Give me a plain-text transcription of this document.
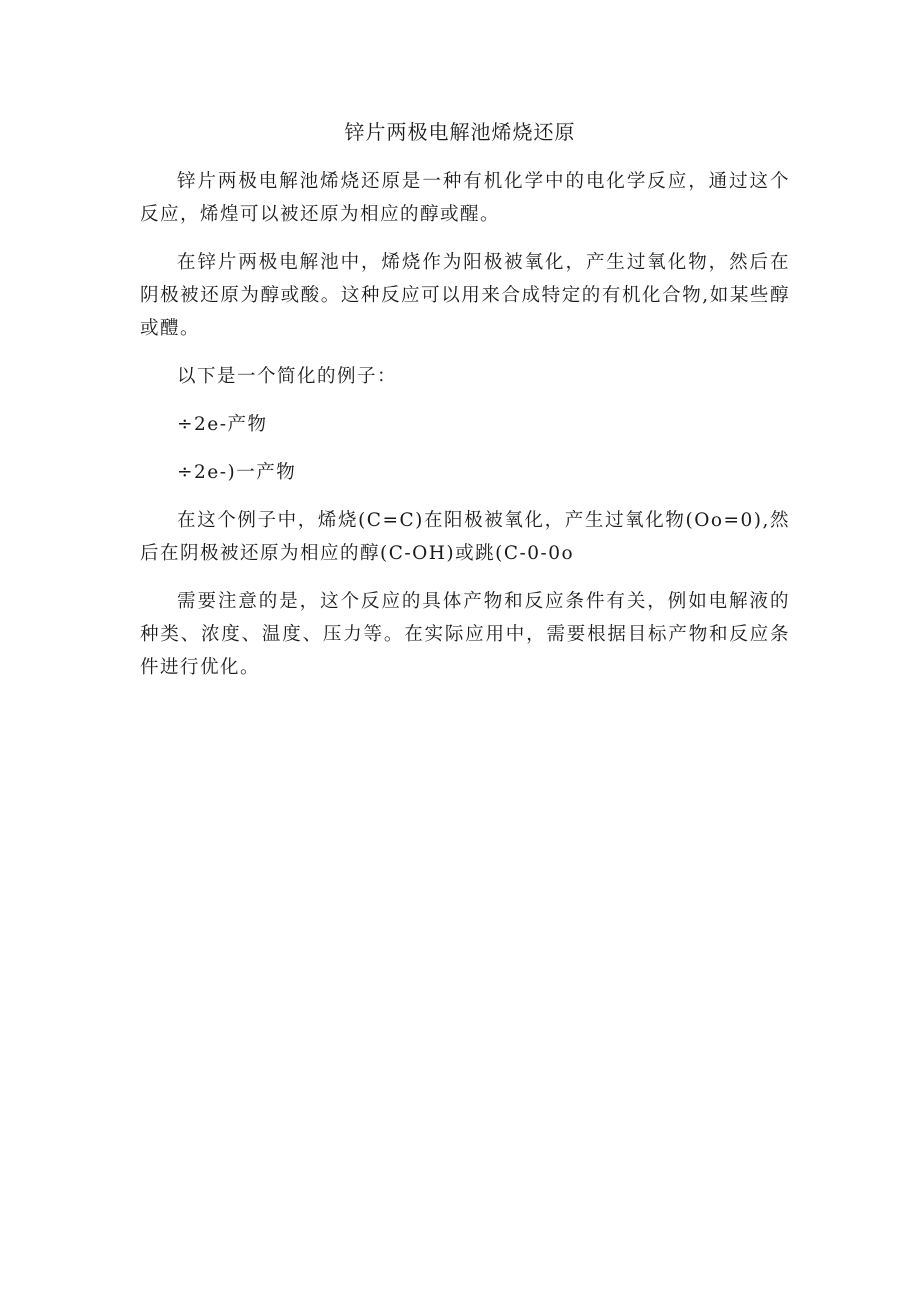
锌片两极电解池烯烧还原

锌片两极电解池烯烧还原是一种有机化学中的电化学反应，通过这个反应，烯煌可以被还原为相应的醇或醒。

在锌片两极电解池中，烯烧作为阳极被氧化，产生过氧化物，然后在阴极被还原为醇或酸。这种反应可以用来合成特定的有机化合物,如某些醇或醴。

以下是一个简化的例子：

÷2e-产物

÷2e-)一产物

在这个例子中，烯烧(C=C)在阳极被氧化，产生过氧化物(Oo=0),然后在阴极被还原为相应的醇(C-OH)或跳(C-0-0o

需要注意的是，这个反应的具体产物和反应条件有关，例如电解液的种类、浓度、温度、压力等。在实际应用中，需要根据目标产物和反应条件进行优化。
